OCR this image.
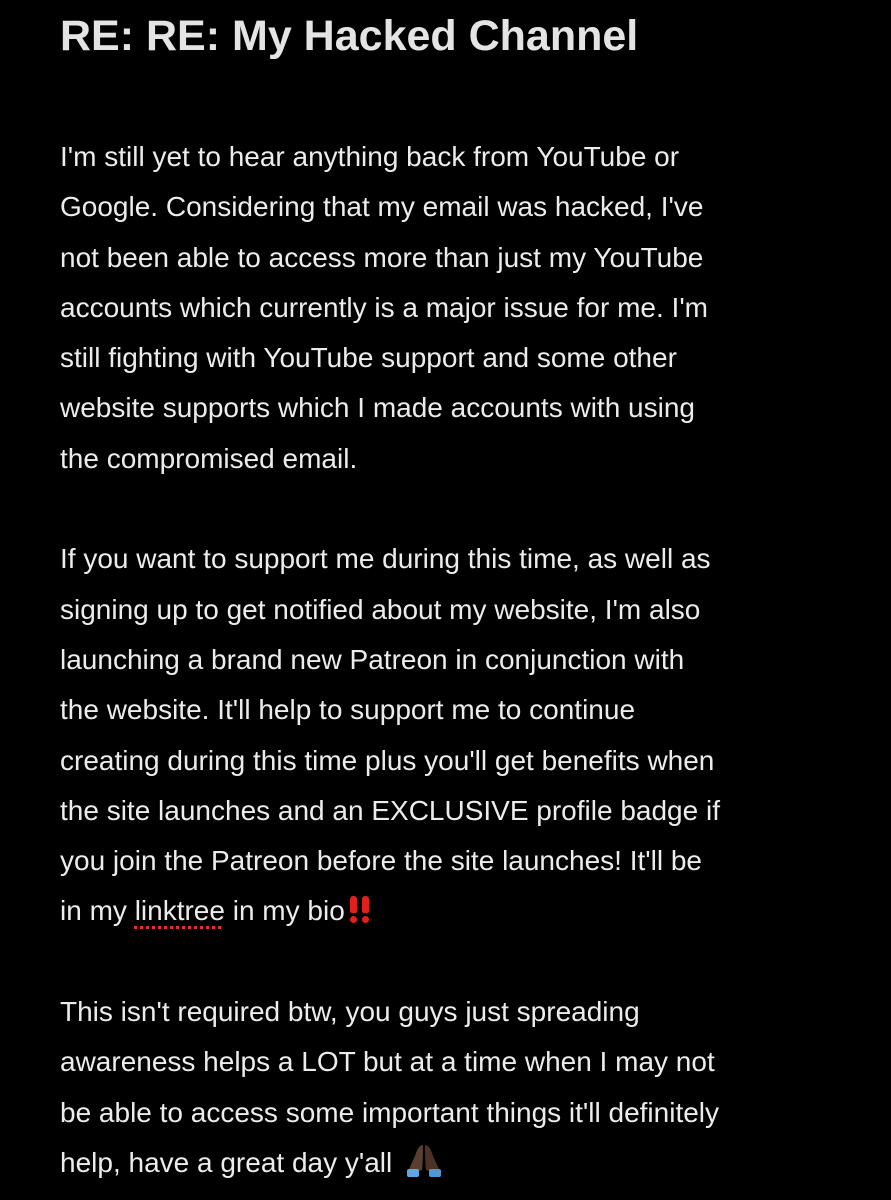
RE: RE: My Hacked Channel
I'm still yet to hear anything back from YouTube or
Google. Considering that my email was hacked, I've
not been able to access more than just my YouTube
accounts which currently is a major issue for me. I'm
still fighting with YouTube support and some other
website supports which I made accounts with using
the compromised email.
If you want to support me during this time, as well as
signing up to get notified about my website, I'm also
launching a brand new Patreon in conjunction with
the website. It'll help to support me to continue
creating during this time plus you'll get benefits when
the site launches and an EXCLUSIVE profile badge if
you join the Patreon before the site launches! It'll be
in my linktree in my bio
This isn't required btw, you guys just spreading
awareness helps a LOT but at a time when I may not
be able to access some important things it'll definitely
help, have a great day y'all
